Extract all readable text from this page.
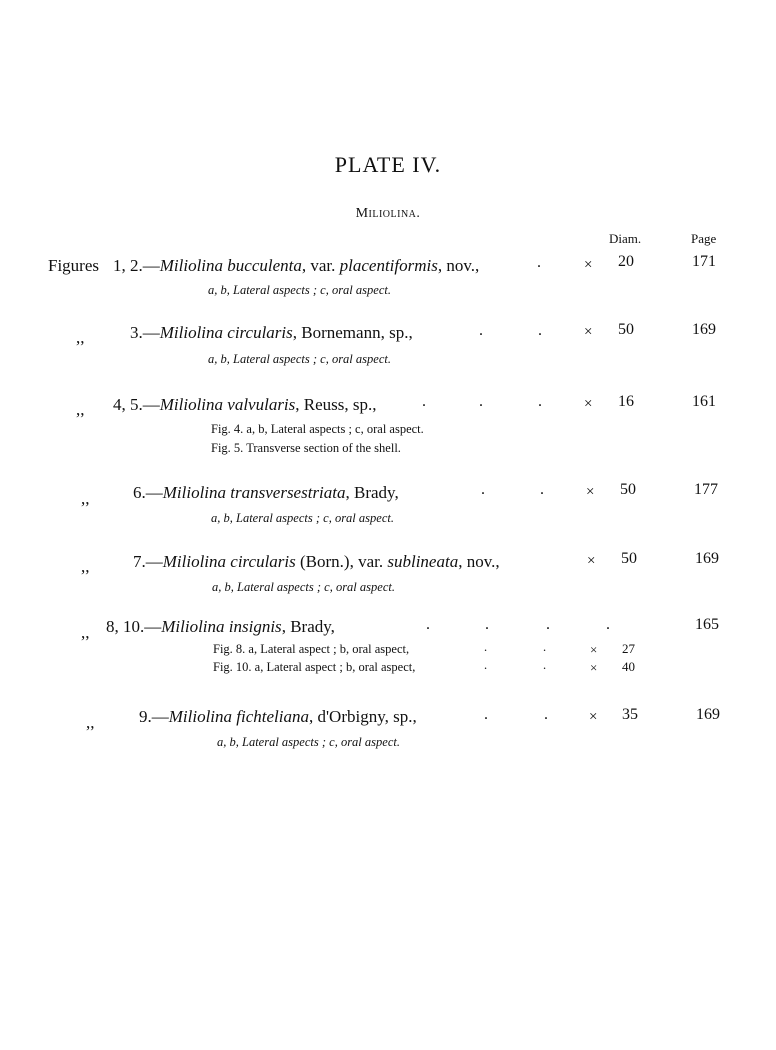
PLATE IV.
Miliolina.
Diam.	Page
Figures 1, 2.—Miliolina bucculenta, var. placentiformis, nov.,	.	× 20	171
a, b, Lateral aspects ; c, oral aspect.
,,	3.—Miliolina circularis, Bornemann, sp.,	.	.	× 50	169
a, b, Lateral aspects ; c, oral aspect.
,, 4, 5.—Miliolina valvularis, Reuss, sp.,	.	.	.	× 16	161
Fig. 4. a, b, Lateral aspects ; c, oral aspect.
Fig. 5. Transverse section of the shell.
,,	6.—Miliolina transversestriata, Brady,	.	.	× 50	177
a, b, Lateral aspects ; c, oral aspect.
,,	7.—Miliolina circularis (Born.), var. sublineata, nov.,	× 50	169
a, b, Lateral aspects ; c, oral aspect.
,, 8, 10.—Miliolina insignis, Brady,	.	.	.	.	165
Fig. 8. a, Lateral aspect ; b, oral aspect,	.	.	× 27
Fig. 10. a, Lateral aspect ; b, oral aspect,	.	.	× 40
,,	9.—Miliolina fichteliana, d'Orbigny, sp.,	.	.	× 35	169
a, b, Lateral aspects ; c, oral aspect.
